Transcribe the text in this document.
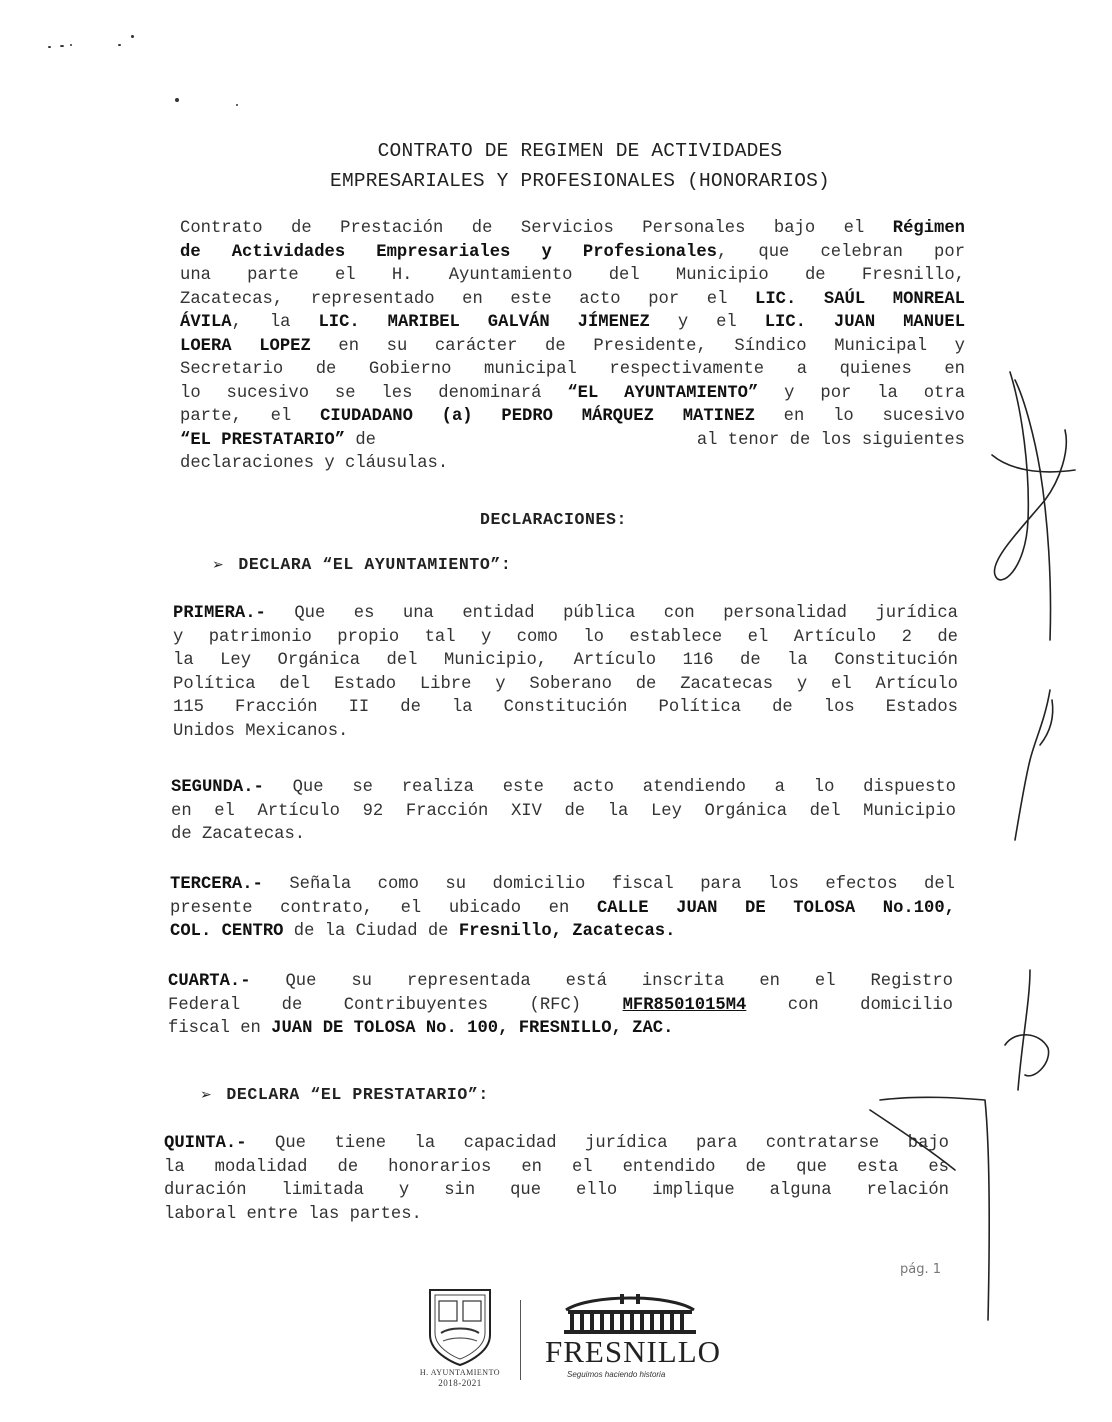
CONTRATO DE REGIMEN DE ACTIVIDADES
EMPRESARIALES Y PROFESIONALES (HONORARIOS)
Contrato de Prestación de Servicios Personales bajo el Régimen
de Actividades Empresariales y Profesionales, que celebran por
una parte el H. Ayuntamiento del Municipio de Fresnillo,
Zacatecas, representado en este acto por el LIC. SAÚL MONREAL
ÁVILA, la LIC. MARIBEL GALVÁN JÍMENEZ y el LIC. JUAN MANUEL
LOERA LOPEZ en su carácter de Presidente, Síndico Municipal y
Secretario de Gobierno municipal respectivamente a quienes en
lo sucesivo se les denominará “EL AYUNTAMIENTO” y por la otra
parte, el CIUDADANO (a) PEDRO MÁRQUEZ MATINEZ en lo sucesivo
“EL PRESTATARIO” de	al tenor de los siguientes
declaraciones y cláusulas.
DECLARACIONES:
➢ DECLARA “EL AYUNTAMIENTO”:
PRIMERA.- Que es una entidad pública con personalidad jurídica
y patrimonio propio tal y como lo establece el Artículo 2 de
la Ley Orgánica del Municipio, Artículo 116 de la Constitución
Política del Estado Libre y Soberano de Zacatecas y el Artículo
115 Fracción II de la Constitución Política de los Estados
Unidos Mexicanos.
SEGUNDA.- Que se realiza este acto atendiendo a lo dispuesto
en el Artículo 92 Fracción XIV de la Ley Orgánica del Municipio
de Zacatecas.
TERCERA.- Señala como su domicilio fiscal para los efectos del
presente contrato, el ubicado en CALLE JUAN DE TOLOSA No.100,
COL. CENTRO de la Ciudad de Fresnillo, Zacatecas.
CUARTA.- Que su representada está inscrita en el Registro
Federal de Contribuyentes (RFC) MFR8501015M4 con domicilio
fiscal en JUAN DE TOLOSA No. 100, FRESNILLO, ZAC.
➢ DECLARA “EL PRESTATARIO”:
QUINTA.- Que tiene la capacidad jurídica para contratarse bajo
la modalidad de honorarios en el entendido de que esta es
duración limitada y sin que ello implique alguna relación
laboral entre las partes.
H. AYUNTAMIENTO
2018-2021
FRESNILLO
Seguimos haciendo historia
pág. 1
